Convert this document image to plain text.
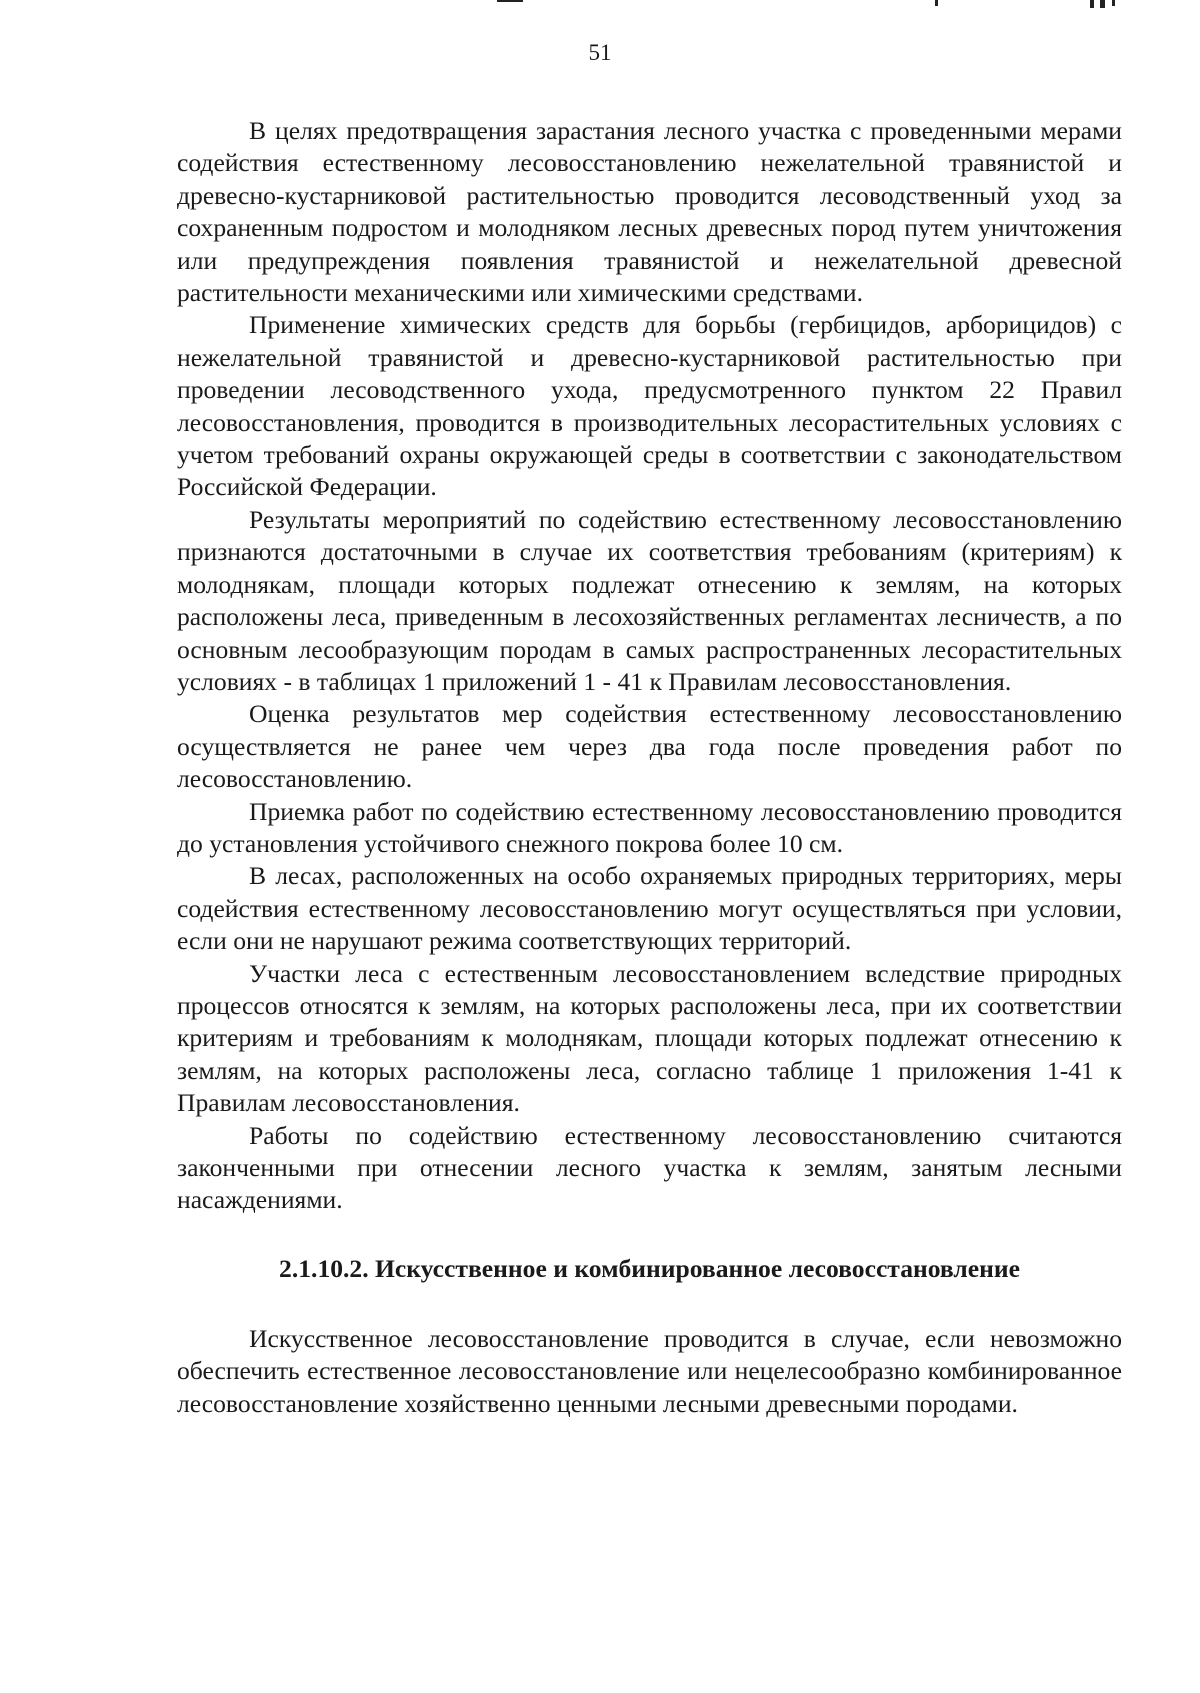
51

В целях предотвращения зарастания лесного участка с проведенными мерами содействия естественному лесовосстановлению нежелательной травянистой и древесно-кустарниковой растительностью проводится лесоводственный уход за сохраненным подростом и молодняком лесных древесных пород путем уничтожения или предупреждения появления травянистой и нежелательной древесной растительности механическими или химическими средствами.

Применение химических средств для борьбы (гербицидов, арборицидов) с нежелательной травянистой и древесно-кустарниковой растительностью при проведении лесоводственного ухода, предусмотренного пунктом 22 Правил лесовосстановления, проводится в производительных лесорастительных условиях с учетом требований охраны окружающей среды в соответствии с законодательством Российской Федерации.

Результаты мероприятий по содействию естественному лесовосстановлению признаются достаточными в случае их соответствия требованиям (критериям) к молоднякам, площади которых подлежат отнесению к землям, на которых расположены леса, приведенным в лесохозяйственных регламентах лесничеств, а по основным лесообразующим породам в самых распространенных лесорастительных условиях - в таблицах 1 приложений 1 - 41 к Правилам лесовосстановления.

Оценка результатов мер содействия естественному лесовосстановлению осуществляется не ранее чем через два года после проведения работ по лесовосстановлению.

Приемка работ по содействию естественному лесовосстановлению проводится до установления устойчивого снежного покрова более 10 см.

В лесах, расположенных на особо охраняемых природных территориях, меры содействия естественному лесовосстановлению могут осуществляться при условии, если они не нарушают режима соответствующих территорий.

Участки леса с естественным лесовосстановлением вследствие природных процессов относятся к землям, на которых расположены леса, при их соответствии критериям и требованиям к молоднякам, площади которых подлежат отнесению к землям, на которых расположены леса, согласно таблице 1 приложения 1-41 к Правилам лесовосстановления.

Работы по содействию естественному лесовосстановлению считаются законченными при отнесении лесного участка к землям, занятым лесными насаждениями.

2.1.10.2. Искусственное и комбинированное лесовосстановление

Искусственное лесовосстановление проводится в случае, если невозможно обеспечить естественное лесовосстановление или нецелесообразно комбинированное лесовосстановление хозяйственно ценными лесными древесными породами.
